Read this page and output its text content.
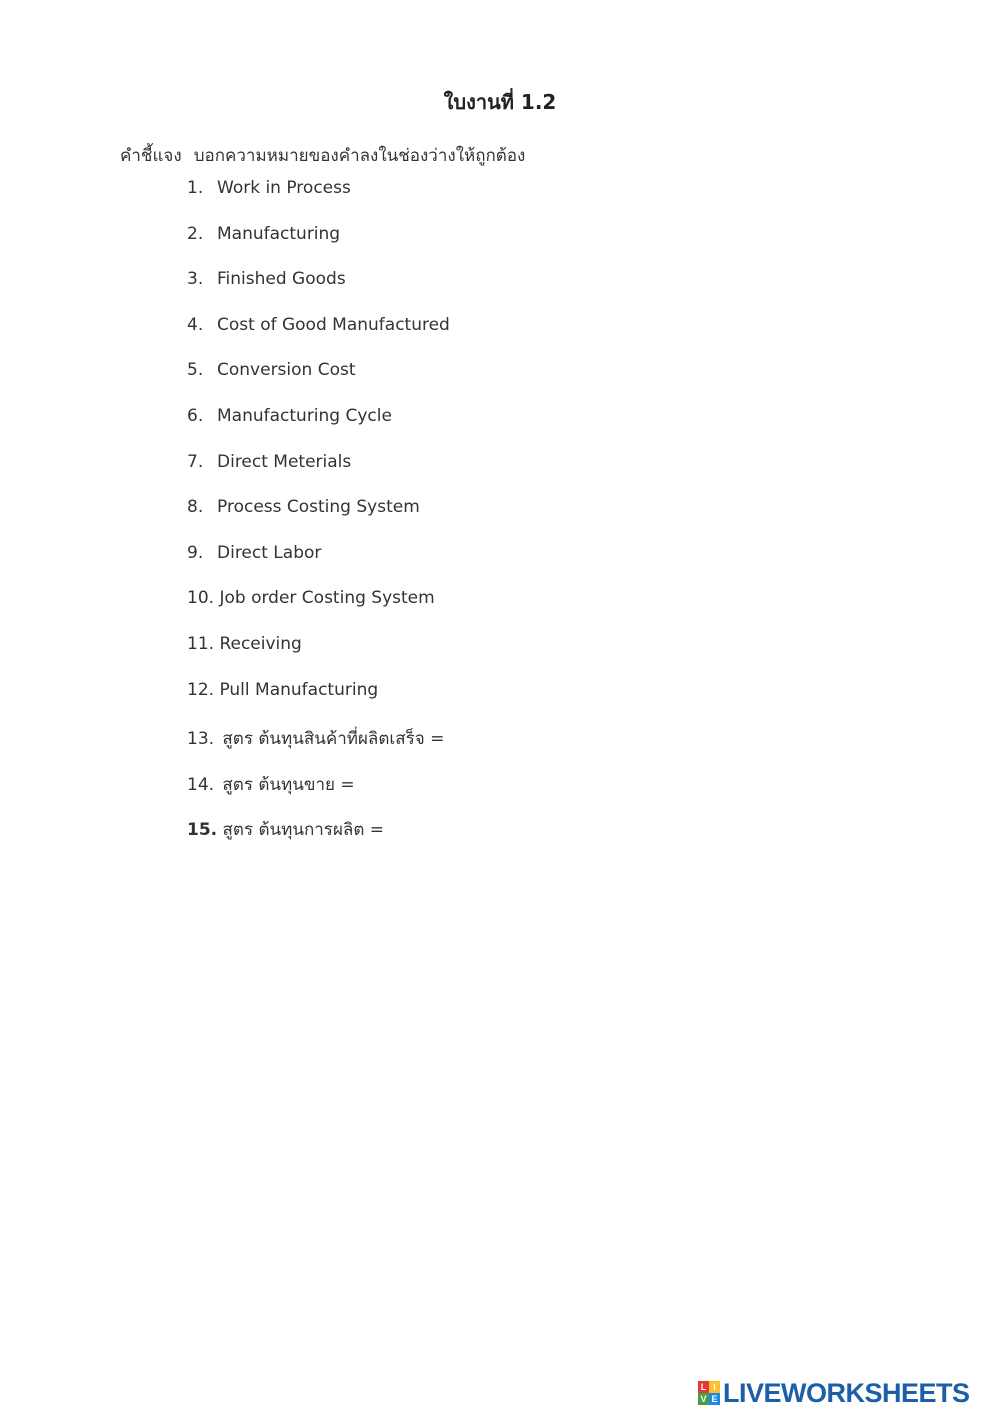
ใบงานที่ 1.2
คำชี้แจง บอกความหมายของคำลงในช่องว่างให้ถูกต้อง
1. Work in Process
2. Manufacturing
3. Finished Goods
4. Cost of Good Manufactured
5. Conversion Cost
6. Manufacturing Cycle
7. Direct Meterials
8. Process Costing System
9. Direct Labor
10. Job order Costing System
11. Receiving
12. Pull Manufacturing
13. สูตร ต้นทุนสินค้าที่ผลิตเสร็จ =
14. สูตร ต้นทุนขาย =
15. สูตร ต้นทุนการผลิต =
L I
V E LIVEWORKSHEETS
